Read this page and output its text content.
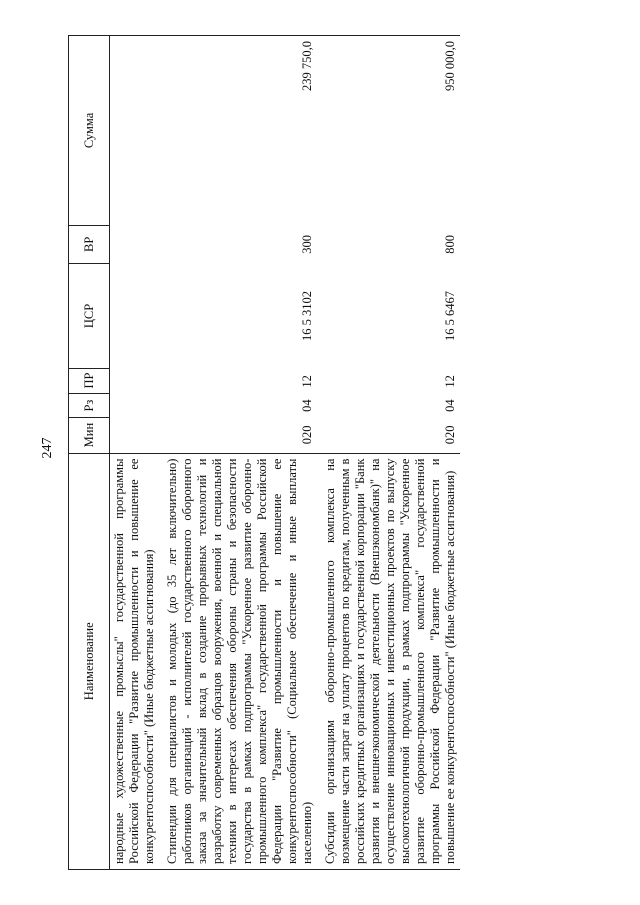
247
Наименование	Мин	Рз	ПР	ЦСР	ВР	Сумма
народные художественные промыслы" государственной программы Российской Федерации "Развитие промышленности и повышение ее конкурентоспособности" (Иные бюджетные ассигнования)						
Стипендии для специалистов и молодых (до 35 лет включительно) работников организаций - исполнителей государственного оборонного заказа за значительный вклад в создание прорывных технологий и разработку современных образцов вооружения, военной и специальной техники в интересах обеспечения обороны страны и безопасности государства в рамках подпрограммы "Ускоренное развитие оборонно-промышленного комплекса" государственной программы Российской Федерации "Развитие промышленности и повышение ее конкурентоспособности" (Социальное обеспечение и иные выплаты населению)	020	04	12	16 5 3102	300	239 750,0
Субсидии организациям оборонно-промышленного комплекса на возмещение части затрат на уплату процентов по кредитам, полученным в российских кредитных организациях и государственной корпорации "Банк развития и внешнеэкономической деятельности (Внешэкономбанк)" на осуществление инновационных и инвестиционных проектов по выпуску высокотехнологичной продукции, в рамках подпрограммы "Ускоренное развитие оборонно-промышленного комплекса" государственной программы Российской Федерации "Развитие промышленности и повышение ее конкурентоспособности" (Иные бюджетные ассигнования)	020	04	12	16 5 6467	800	950 000,0
